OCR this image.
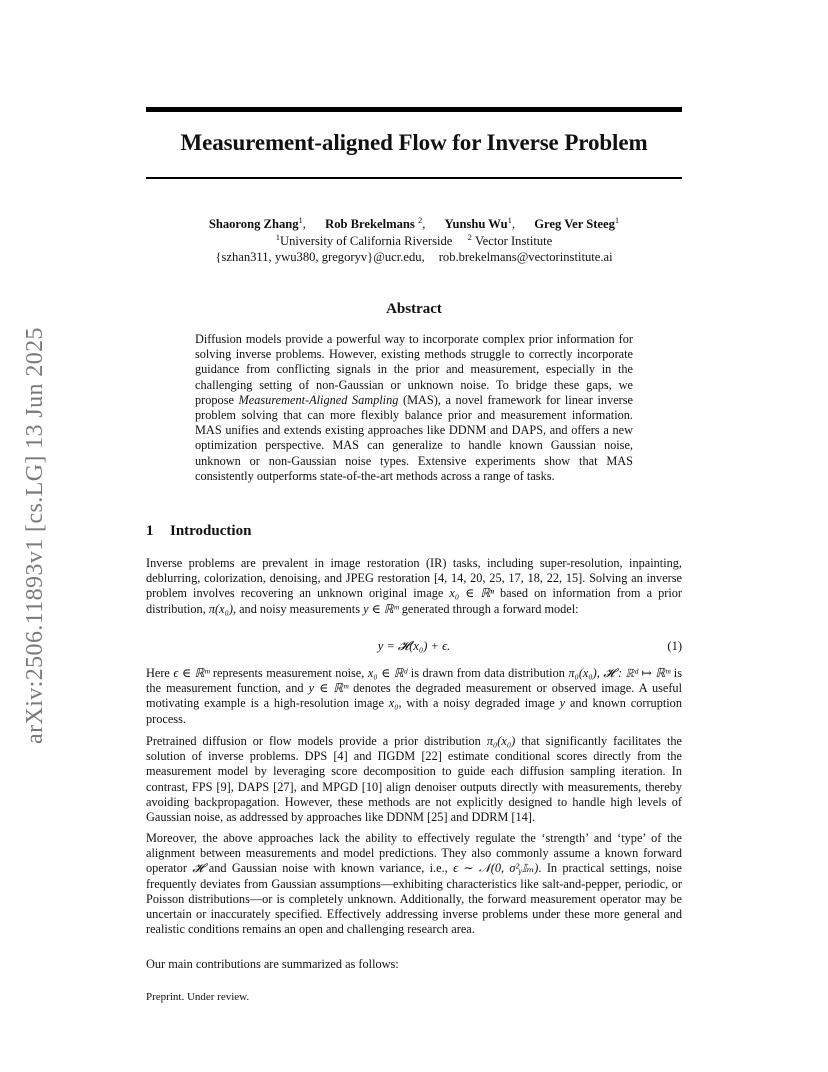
arXiv:2506.11893v1 [cs.LG] 13 Jun 2025
Measurement-aligned Flow for Inverse Problem
Shaorong Zhang$^1$, Rob Brekelmans $^2$, Yunshu Wu$^1$, Greg Ver Steeg$^1$
$^1$University of California Riverside $^2$ Vector Institute
{szhan311, ywu380, gregoryv}@ucr.edu, rob.brekelmans@vectorinstitute.ai
Abstract
Diffusion models provide a powerful way to incorporate complex prior information for solving inverse problems. However, existing methods struggle to correctly incorporate guidance from conflicting signals in the prior and measurement, especially in the challenging setting of non-Gaussian or unknown noise. To bridge these gaps, we propose Measurement-Aligned Sampling (MAS), a novel framework for linear inverse problem solving that can more flexibly balance prior and measurement information. MAS unifies and extends existing approaches like DDNM and DAPS, and offers a new optimization perspective. MAS can generalize to handle known Gaussian noise, unknown or non-Gaussian noise types. Extensive experiments show that MAS consistently outperforms state-of-the-art methods across a range of tasks.
1 Introduction

Inverse problems are prevalent in image restoration (IR) tasks, including super-resolution, inpainting, deblurring, colorization, denoising, and JPEG restoration [4, 14, 20, 25, 17, 18, 22, 15]. Solving an inverse problem involves recovering an unknown original image x₀ ∈ ℝⁿ based on information from a prior distribution, π(x₀), and noisy measurements y ∈ ℝᵐ generated through a forward model:

y = 𝓗(x₀) + ϵ.	(1)

Here ϵ ∈ ℝᵐ represents measurement noise, x₀ ∈ ℝᵈ is drawn from data distribution π₀(x₀), 𝓗 : ℝᵈ ↦ ℝᵐ is the measurement function, and y ∈ ℝᵐ denotes the degraded measurement or observed image. A useful motivating example is a high-resolution image x₀, with a noisy degraded image y and known corruption process.

Pretrained diffusion or flow models provide a prior distribution π₀(x₀) that significantly facilitates the solution of inverse problems. DPS [4] and ΠGDM [22] estimate conditional scores directly from the measurement model by leveraging score decomposition to guide each diffusion sampling iteration. In contrast, FPS [9], DAPS [27], and MPGD [10] align denoiser outputs directly with measurements, thereby avoiding backpropagation. However, these methods are not explicitly designed to handle high levels of Gaussian noise, as addressed by approaches like DDNM [25] and DDRM [14].

Moreover, the above approaches lack the ability to effectively regulate the ‘strength’ and ‘type’ of the alignment between measurements and model predictions. They also commonly assume a known forward operator 𝓗 and Gaussian noise with known variance, i.e., ϵ ∼ 𝒩(0, σ²ᵧ𝕀ₘ). In practical settings, noise frequently deviates from Gaussian assumptions—exhibiting characteristics like salt-and-pepper, periodic, or Poisson distributions—or is completely unknown. Additionally, the forward measurement operator may be uncertain or inaccurately specified. Effectively addressing inverse problems under these more general and realistic conditions remains an open and challenging research area.

Our main contributions are summarized as follows:

Preprint. Under review.
